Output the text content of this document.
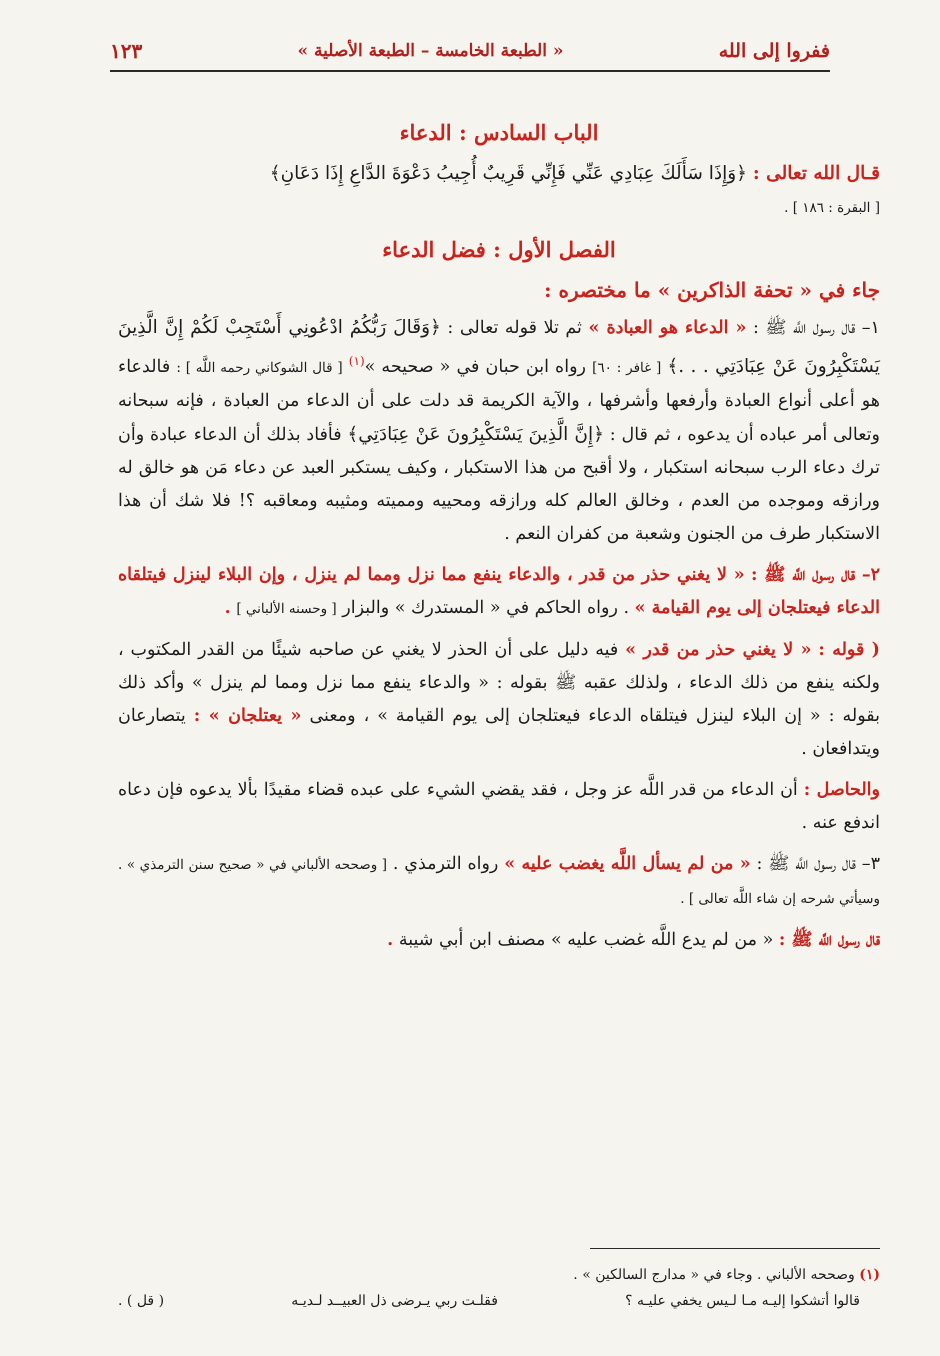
ففروا إلى الله
« الطبعة الخامسة – الطبعة الأصلية »
١٢٣
الباب السادس : الدعاء

قـال الله تعالى : ﴿وَإِذَا سَأَلَكَ عِبَادِي عَنِّي فَإِنِّي قَرِيبٌ أُجِيبُ دَعْوَةَ الدَّاعِ إِذَا دَعَانِ﴾
[ البقرة : ١٨٦ ] .

الفصل الأول : فضل الدعاء
جاء في « تحفة الذاكرين » ما مختصره :

١– قال رسول اللَّه ﷺ : « الدعاء هو العبادة » ثم تلا قوله تعالى : ﴿وَقَالَ رَبُّكُمُ ادْعُونِي أَسْتَجِبْ لَكُمْ إِنَّ الَّذِينَ يَسْتَكْبِرُونَ عَنْ عِبَادَتِي . . .﴾ [ غافر : ٦٠] رواه ابن حبان في « صحيحه »$^{(١)}$ [ قال الشوكاني رحمه اللَّه ] : فالدعاء هو أعلى أنواع العبادة وأرفعها وأشرفها ، والآية الكريمة قد دلت على أن الدعاء من العبادة ، فإنه سبحانه وتعالى أمر عباده أن يدعوه ، ثم قال : ﴿إِنَّ الَّذِينَ يَسْتَكْبِرُونَ عَنْ عِبَادَتِي﴾ فأفاد بذلك أن الدعاء عبادة وأن ترك دعاء الرب سبحانه استكبار ، ولا أقبح من هذا الاستكبار ، وكيف يستكبر العبد عن دعاء مَن هو خالق له ورازقه وموجده من العدم ، وخالق العالم كله ورازقه ومحييه ومميته ومثيبه ومعاقبه ؟! فلا شك أن هذا الاستكبار طرف من الجنون وشعبة من كفران النعم .

٢– قال رسول اللَّه ﷺ : « لا يغني حذر من قدر ، والدعاء ينفع مما نزل ومما لم ينزل ، وإن البلاء لينزل فيتلقاه الدعاء فيعتلجان إلى يوم القيامة » . رواه الحاكم في « المستدرك » والبزار [ وحسنه الألباني ] .

( قوله : « لا يغني حذر من قدر » فيه دليل على أن الحذر لا يغني عن صاحبه شيئًا من القدر المكتوب ، ولكنه ينفع من ذلك الدعاء ، ولذلك عقبه ﷺ بقوله : « والدعاء ينفع مما نزل ومما لم ينزل » وأكد ذلك بقوله : « إن البلاء لينزل فيتلقاه الدعاء فيعتلجان إلى يوم القيامة » ، ومعنى « يعتلجان » : يتصارعان ويتدافعان .

والحاصل : أن الدعاء من قدر اللَّه عز وجل ، فقد يقضي الشيء على عبده قضاء مقيدًا بألا يدعوه فإن دعاه اندفع عنه .

٣– قال رسول اللَّه ﷺ : « من لم يسأل اللَّه يغضب عليه » رواه الترمذي . [ وصححه الألباني في « صحيح سنن الترمذي » . وسيأتي شرحه إن شاء اللَّه تعالى ] .

قال رسول اللَّه ﷺ : « من لم يدع اللَّه غضب عليه » مصنف ابن أبي شيبة .

(١) وصححه الألباني . وجاء في « مدارج السالكين » .
قالوا أتشكوا إليـه مـا لـيس يخفي عليـه ؟
فقلـت ربي يـرضى ذل العبيــد لـديـه
( قل ) .
